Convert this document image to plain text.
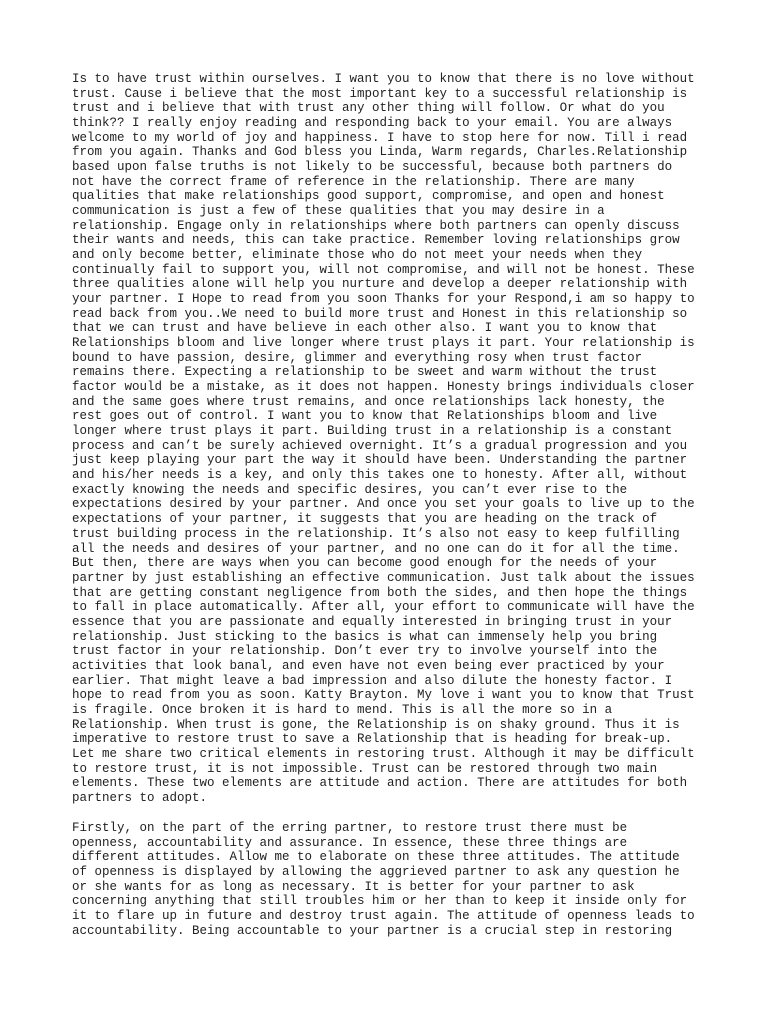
Is to have trust within ourselves. I want you to know that there is no love without
trust. Cause i believe that the most important key to a successful relationship is
trust and i believe that with trust any other thing will follow. Or what do you
think?? I really enjoy reading and responding back to your email. You are always
welcome to my world of joy and happiness. I have to stop here for now. Till i read
from you again. Thanks and God bless you Linda, Warm regards, Charles.Relationship
based upon false truths is not likely to be successful, because both partners do
not have the correct frame of reference in the relationship. There are many
qualities that make relationships good support, compromise, and open and honest
communication is just a few of these qualities that you may desire in a
relationship. Engage only in relationships where both partners can openly discuss
their wants and needs, this can take practice. Remember loving relationships grow
and only become better, eliminate those who do not meet your needs when they
continually fail to support you, will not compromise, and will not be honest. These
three qualities alone will help you nurture and develop a deeper relationship with
your partner. I Hope to read from you soon Thanks for your Respond,i am so happy to
read back from you..We need to build more trust and Honest in this relationship so
that we can trust and have believe in each other also. I want you to know that
Relationships bloom and live longer where trust plays it part. Your relationship is
bound to have passion, desire, glimmer and everything rosy when trust factor
remains there. Expecting a relationship to be sweet and warm without the trust
factor would be a mistake, as it does not happen. Honesty brings individuals closer
and the same goes where trust remains, and once relationships lack honesty, the
rest goes out of control. I want you to know that Relationships bloom and live
longer where trust plays it part. Building trust in a relationship is a constant
process and can’t be surely achieved overnight. It’s a gradual progression and you
just keep playing your part the way it should have been. Understanding the partner
and his/her needs is a key, and only this takes one to honesty. After all, without
exactly knowing the needs and specific desires, you can’t ever rise to the
expectations desired by your partner. And once you set your goals to live up to the
expectations of your partner, it suggests that you are heading on the track of
trust building process in the relationship. It’s also not easy to keep fulfilling
all the needs and desires of your partner, and no one can do it for all the time.
But then, there are ways when you can become good enough for the needs of your
partner by just establishing an effective communication. Just talk about the issues
that are getting constant negligence from both the sides, and then hope the things
to fall in place automatically. After all, your effort to communicate will have the
essence that you are passionate and equally interested in bringing trust in your
relationship. Just sticking to the basics is what can immensely help you bring
trust factor in your relationship. Don’t ever try to involve yourself into the
activities that look banal, and even have not even being ever practiced by your
earlier. That might leave a bad impression and also dilute the honesty factor. I
hope to read from you as soon. Katty Brayton. My love i want you to know that Trust
is fragile. Once broken it is hard to mend. This is all the more so in a
Relationship. When trust is gone, the Relationship is on shaky ground. Thus it is
imperative to restore trust to save a Relationship that is heading for break-up.
Let me share two critical elements in restoring trust. Although it may be difficult
to restore trust, it is not impossible. Trust can be restored through two main
elements. These two elements are attitude and action. There are attitudes for both
partners to adopt.
Firstly, on the part of the erring partner, to restore trust there must be
openness, accountability and assurance. In essence, these three things are
different attitudes. Allow me to elaborate on these three attitudes. The attitude
of openness is displayed by allowing the aggrieved partner to ask any question he
or she wants for as long as necessary. It is better for your partner to ask
concerning anything that still troubles him or her than to keep it inside only for
it to flare up in future and destroy trust again. The attitude of openness leads to
accountability. Being accountable to your partner is a crucial step in restoring
